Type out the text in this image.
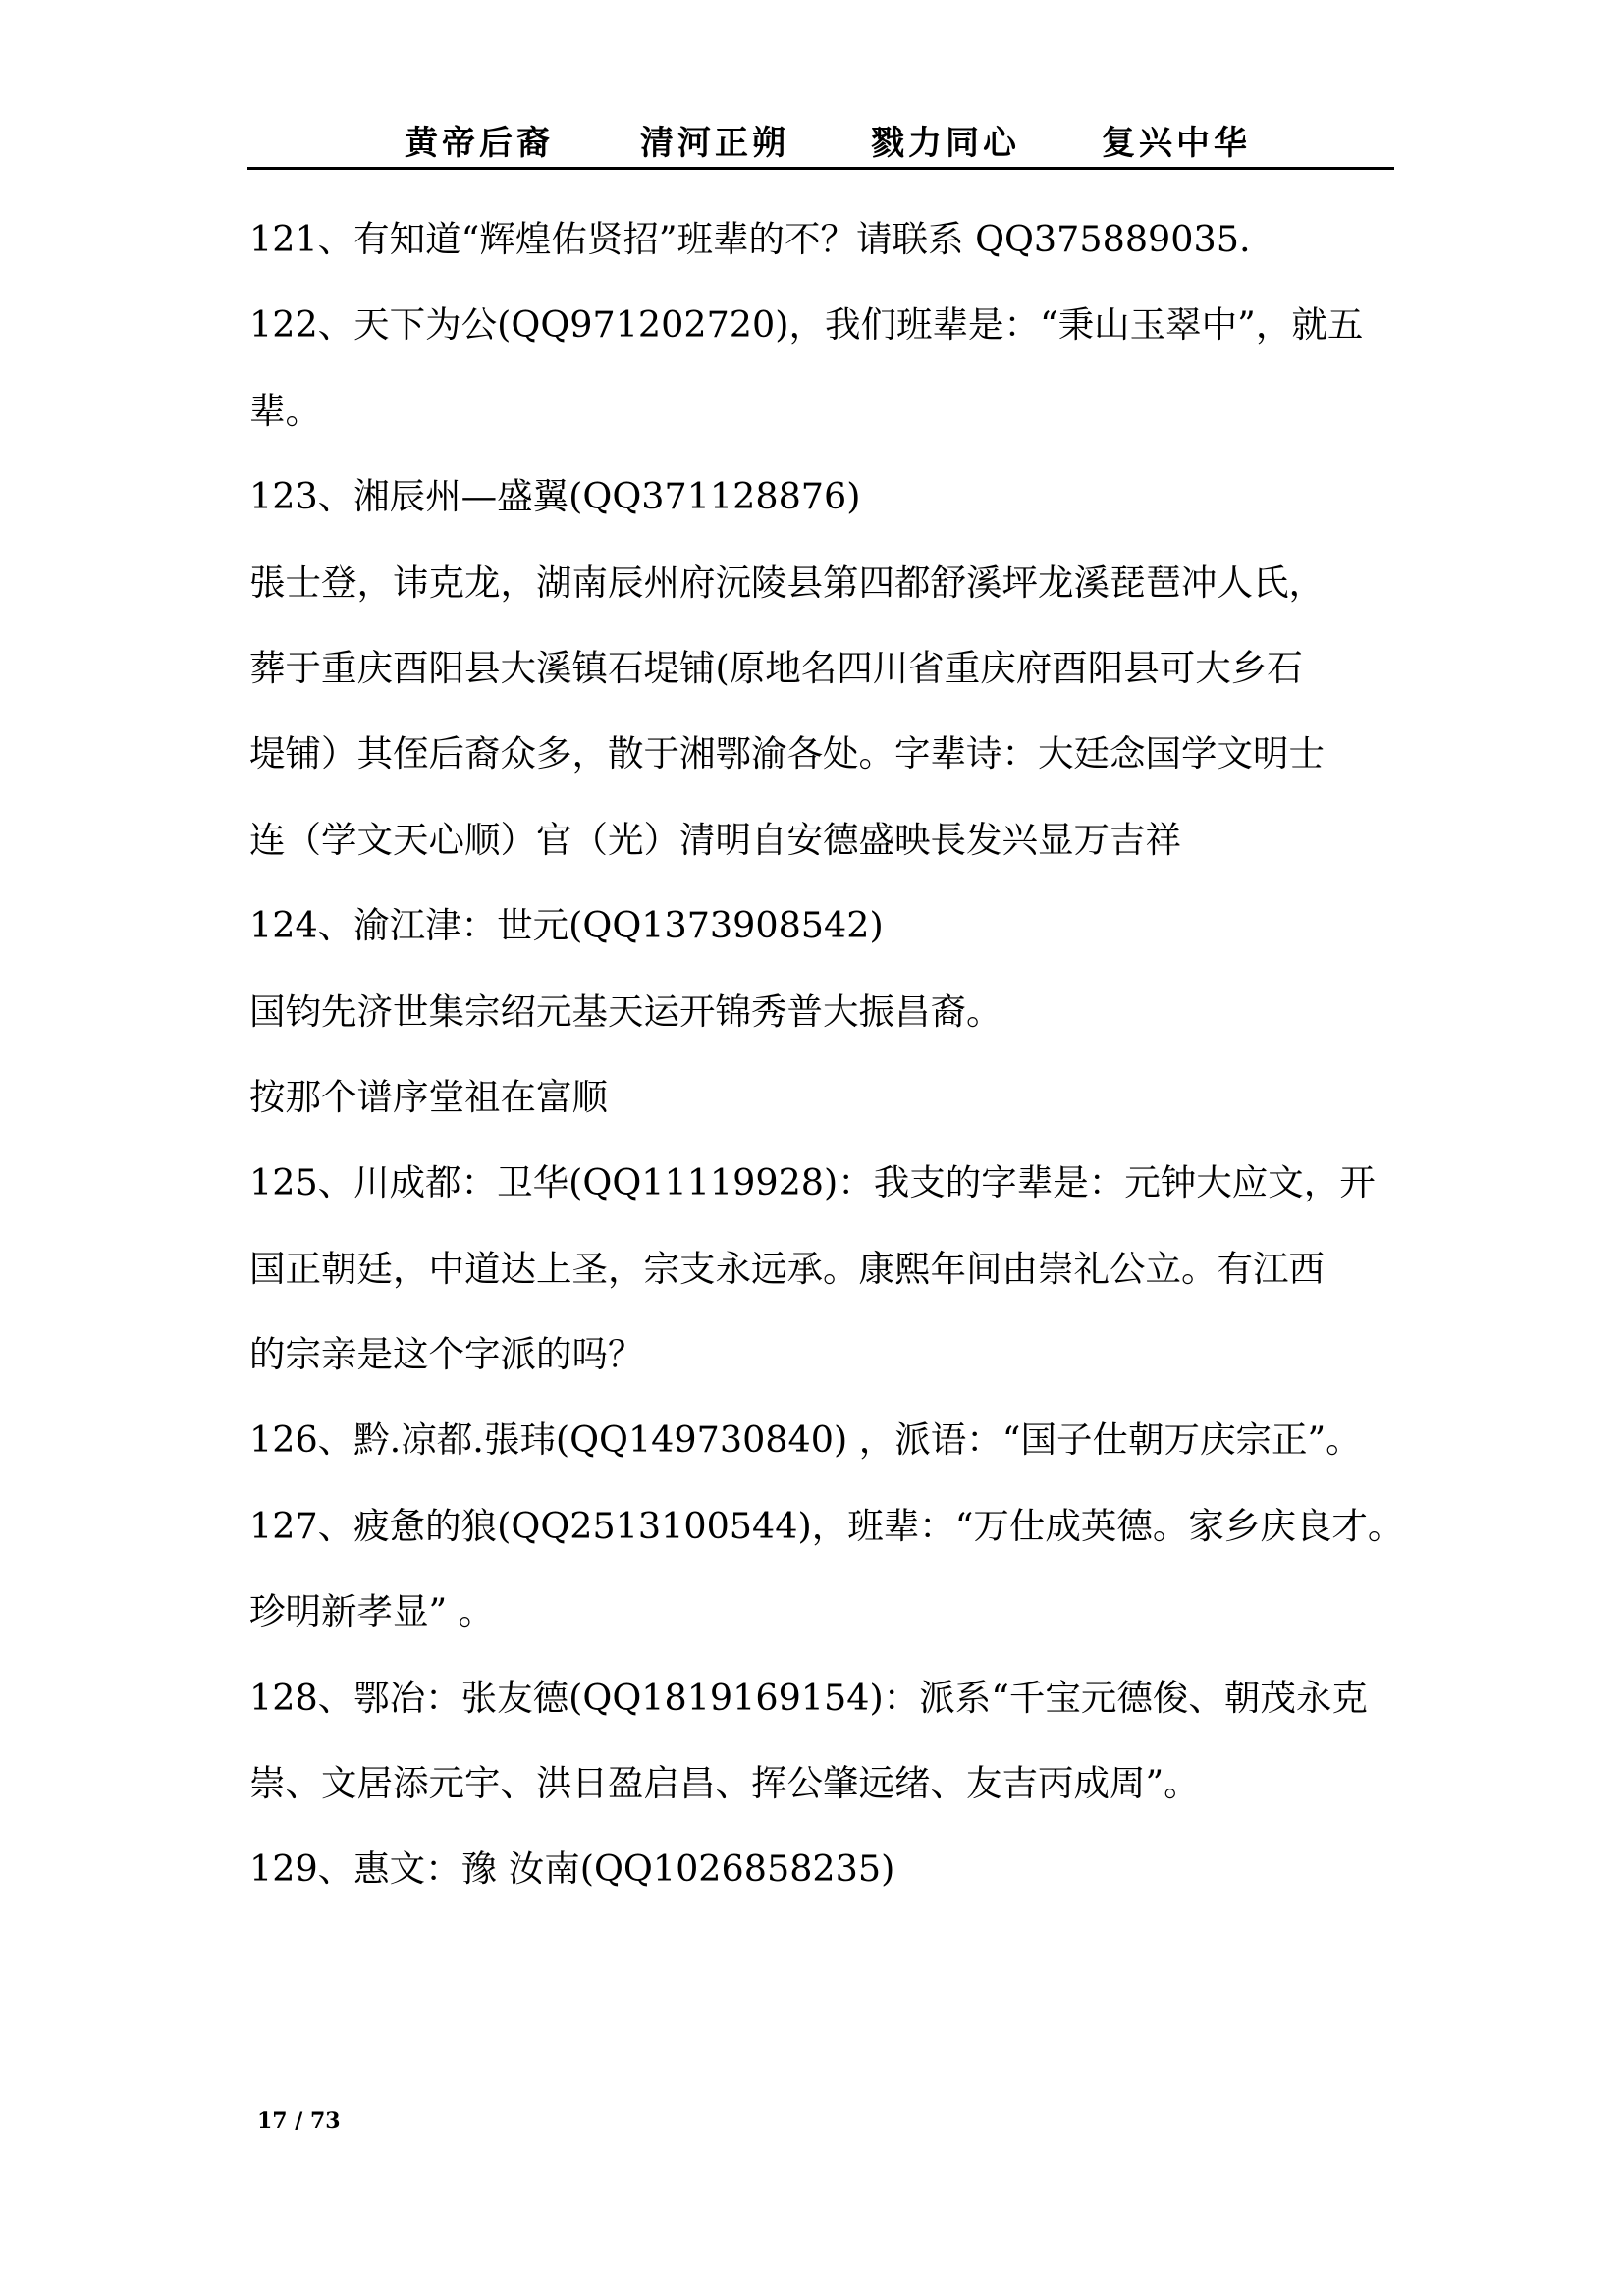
黄帝后裔	清河正朔 戮力同心 复兴中华
121、有知道“辉煌佑贤招”班辈的不？请联系 QQ375889035.
122、天下为公(QQ971202720)，我们班辈是：“秉山玉翠中”，就五
辈。
123、湘辰州—盛翼(QQ371128876)
張士登，讳克龙，湖南辰州府沅陵县第四都舒溪坪龙溪琵琶冲人氏，
葬于重庆酉阳县大溪镇石堤铺(原地名四川省重庆府酉阳县可大乡石
堤铺）其侄后裔众多，散于湘鄂渝各处。字辈诗：大廷念国学文明士
连（学文天心顺）官（光）清明自安德盛映長发兴显万吉祥
124、渝江津：世元(QQ1373908542)
国钧先济世集宗绍元基天运开锦秀普大振昌裔。
按那个谱序堂祖在富顺
125、川成都：卫华(QQ11119928)：我支的字辈是：元钟大应文，开
国正朝廷，中道达上圣，宗支永远承。康熙年间由崇礼公立。有江西
的宗亲是这个字派的吗？
126、黔.凉都.張玮(QQ149730840) ，派语：“国子仕朝万庆宗正”。
127、疲惫的狼(QQ2513100544)，班辈：“万仕成英德。家乡庆良才。
珍明新孝显” 。
128、鄂冶：张友德(QQ1819169154)：派系“千宝元德俊、朝茂永克
崇、文居添元宇、洪日盈启昌、挥公肇远绪、友吉丙成周”。
129、惠文：豫 汝南(QQ1026858235)
17 / 73
